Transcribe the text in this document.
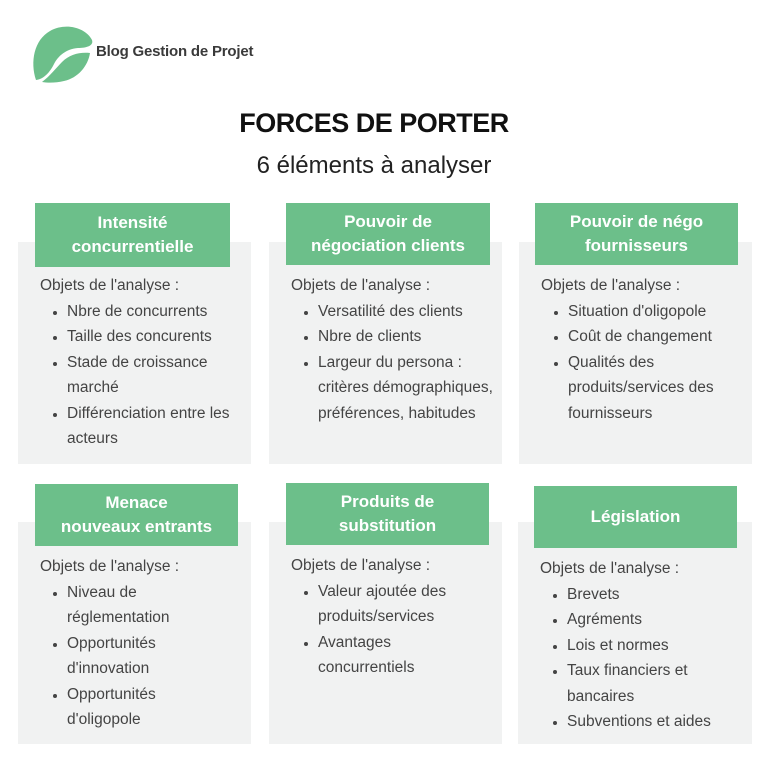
Blog Gestion de Projet
FORCES DE PORTER
6 éléments à analyser
Intensité
concurrentielle
Objets de l'analyse :
• Nbre de concurrents
• Taille des concurents
• Stade de croissance marché
• Différenciation entre les acteurs
Pouvoir de
négociation clients
Objets de l'analyse :
• Versatilité des clients
• Nbre de clients
• Largeur du persona : critères démographiques, préférences, habitudes
Pouvoir de négo
fournisseurs
Objets de l'analyse :
• Situation d'oligopole
• Coût de changement
• Qualités des produits/services des fournisseurs
Menace
nouveaux entrants
Objets de l'analyse :
• Niveau de réglementation
• Opportunités d'innovation
• Opportunités d'oligopole
Produits de
substitution
Objets de l'analyse :
• Valeur ajoutée des produits/services
• Avantages concurrentiels
Législation
Objets de l'analyse :
• Brevets
• Agréments
• Lois et normes
• Taux financiers et bancaires
• Subventions et aides
